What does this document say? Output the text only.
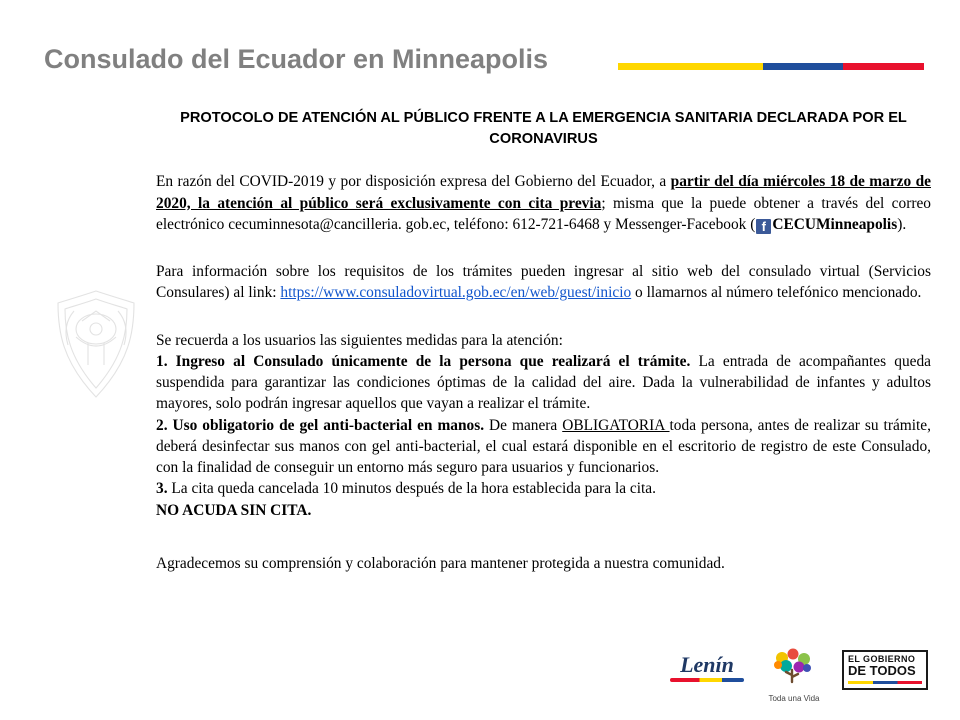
Consulado del Ecuador en Minneapolis
PROTOCOLO DE ATENCIÓN AL PÚBLICO FRENTE A LA EMERGENCIA SANITARIA DECLARADA POR EL CORONAVIRUS

En razón del COVID-2019 y por disposición expresa del Gobierno del Ecuador, a partir del día miércoles 18 de marzo de 2020, la atención al público será exclusivamente con cita previa; misma que la puede obtener a través del correo electrónico cecuminnesota@cancilleria. gob.ec, teléfono: 612-721-6468 y Messenger-Facebook ( f CECUMinneapolis).

Para información sobre los requisitos de los trámites pueden ingresar al sitio web del consulado virtual (Servicios Consulares) al link: https://www.consuladovirtual.gob.ec/en/web/guest/inicio o llamarnos al número telefónico mencionado.

Se recuerda a los usuarios las siguientes medidas para la atención:

1. Ingreso al Consulado únicamente de la persona que realizará el trámite. La entrada de acompañantes queda suspendida para garantizar las condiciones óptimas de la calidad del aire. Dada la vulnerabilidad de infantes y adultos mayores, solo podrán ingresar aquellos que vayan a realizar el trámite.

2. Uso obligatorio de gel anti-bacterial en manos. De manera OBLIGATORIA toda persona, antes de realizar su trámite, deberá desinfectar sus manos con gel anti-bacterial, el cual estará disponible en el escritorio de registro de este Consulado, con la finalidad de conseguir un entorno más seguro para usuarios y funcionarios.

3. La cita queda cancelada 10 minutos después de la hora establecida para la cita.

NO ACUDA SIN CITA.

Agradecemos su comprensión y colaboración para mantener protegida a nuestra comunidad.

Lenín
Toda una Vida
EL GOBIERNO
DE TODOS
